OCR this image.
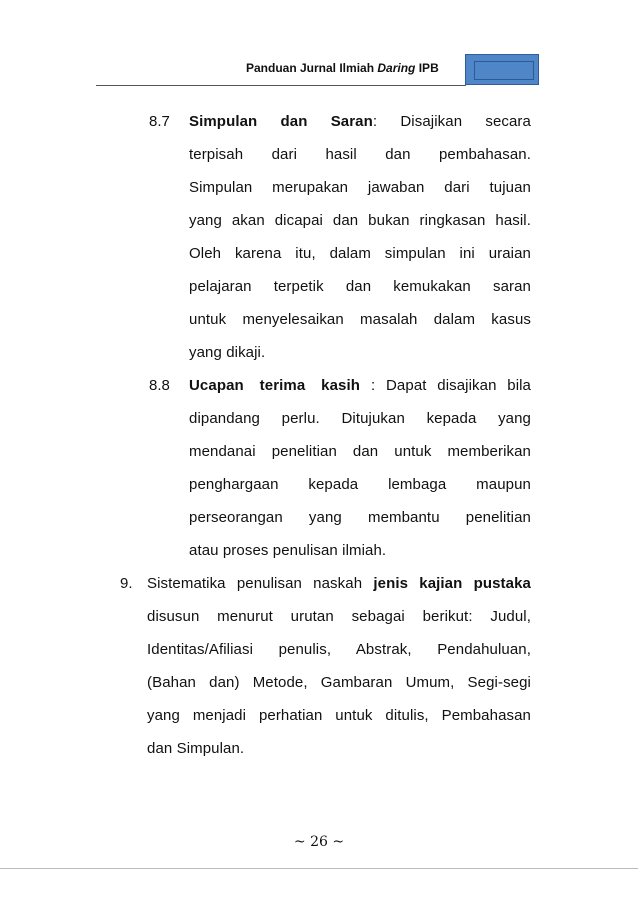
Panduan Jurnal Ilmiah Daring IPB
8.7 Simpulan dan Saran: Disajikan secara
terpisah dari hasil dan pembahasan.
Simpulan merupakan jawaban dari tujuan
yang akan dicapai dan bukan ringkasan hasil.
Oleh karena itu, dalam simpulan ini uraian
pelajaran terpetik dan kemukakan saran
untuk menyelesaikan masalah dalam kasus
yang dikaji.
8.8 Ucapan terima kasih : Dapat disajikan bila
dipandang perlu. Ditujukan kepada yang
mendanai penelitian dan untuk memberikan
penghargaan kepada lembaga maupun
perseorangan yang membantu penelitian
atau proses penulisan ilmiah.
9. Sistematika penulisan naskah jenis kajian pustaka
disusun menurut urutan sebagai berikut: Judul,
Identitas/Afiliasi penulis, Abstrak, Pendahuluan,
(Bahan dan) Metode, Gambaran Umum, Segi-segi
yang menjadi perhatian untuk ditulis, Pembahasan
dan Simpulan.
~ 26 ~
